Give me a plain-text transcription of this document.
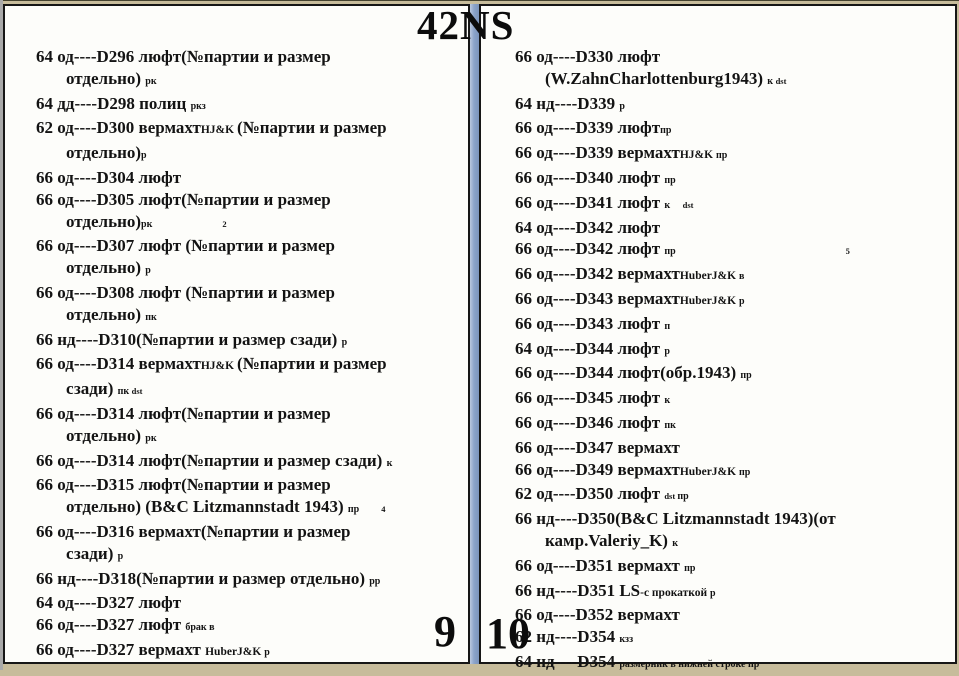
64 од----D296 люфт(№партии и размер
отдельно) рк
64 дд----D298 полиц ркз
62 од----D300 вермахтHJ&K (№партии и размер
отдельно)р
66 од----D304 люфт
66 од----D305 люфт(№партии и размер
отдельно)рк	2
66 од----D307 люфт (№партии и размер
отдельно) р
66 од----D308 люфт (№партии и размер
отдельно) пк
66 нд----D310(№партии и размер сзади) р
66 од----D314 вермахтHJ&K (№партии и размер
сзади) пк dst
66 од----D314 люфт(№партии и размер
отдельно) рк
66 од----D314 люфт(№партии и размер сзади) к
66 од----D315 люфт(№партии и размер
отдельно) (B&C Litzmannstadt 1943) пр	4
66 од----D316 вермахт(№партии и размер
сзади) р
66 нд----D318(№партии и размер отдельно) рр
64 од----D327 люфт
66 од----D327 люфт брак в
66 од----D327 вермахт HuberJ&K р	9
66 од----D330 люфт
(W.ZahnCharlottenburg1943) к dst
64 нд----D339 р
66 од----D339 люфтпр
66 од----D339 вермахтHJ&K пр
66 од----D340 люфт пр
66 од----D341 люфт к dst
64 од----D342 люфт
66 од----D342 люфт пр	5
66 од----D342 вермахтHuberJ&K в
66 од----D343 вермахтHuberJ&K р
66 од----D343 люфт п
64 од----D344 люфт р
66 од----D344 люфт(обр.1943) пр
66 од----D345 люфт к
66 од----D346 люфт пк
66 од----D347 вермахт
66 од----D349 вермахтHuberJ&K пр
62 од----D350 люфт dst пр
66 нд----D350(B&C Litzmannstadt 1943)(от
камр.Valeriy_K) к
66 од----D351 вермахт пр
66 нд----D351 LS-с прокаткой р
66 од----D352 вермахт
62 нд----D354 кзз
64 нд----D354 размерник в нижней строке пр
10
42NS
